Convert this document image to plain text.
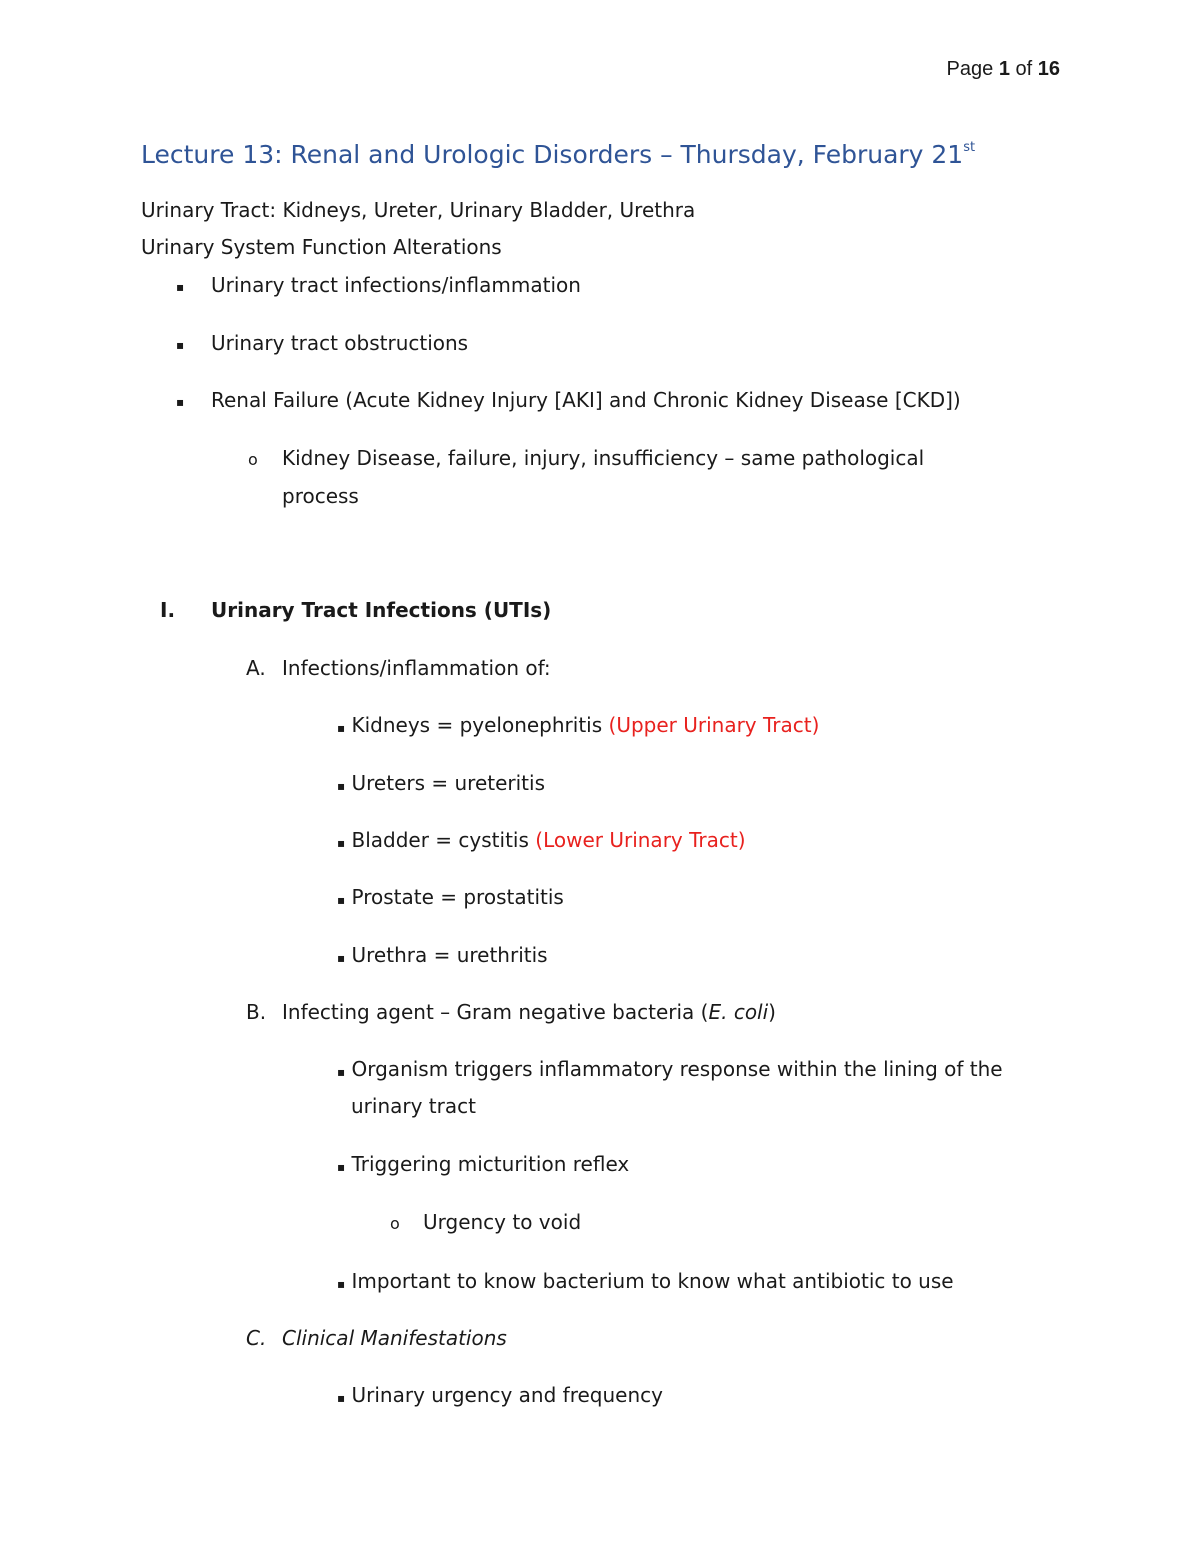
Page 1 of 16
Lecture 13: Renal and Urologic Disorders – Thursday, February 21st
Urinary Tract: Kidneys, Ureter, Urinary Bladder, Urethra
Urinary System Function Alterations
▪ Urinary tract infections/inflammation
▪ Urinary tract obstructions
▪ Renal Failure (Acute Kidney Injury [AKI] and Chronic Kidney Disease [CKD])
o Kidney Disease, failure, injury, insufficiency – same pathological
process
I. Urinary Tract Infections (UTIs)
A. Infections/inflammation of:
▪ Kidneys = pyelonephritis (Upper Urinary Tract)
▪ Ureters = ureteritis
▪ Bladder = cystitis (Lower Urinary Tract)
▪ Prostate = prostatitis
▪ Urethra = urethritis
B. Infecting agent – Gram negative bacteria (E. coli)
▪ Organism triggers inflammatory response within the lining of the
urinary tract
▪ Triggering micturition reflex
o Urgency to void
▪ Important to know bacterium to know what antibiotic to use
C. Clinical Manifestations
▪ Urinary urgency and frequency
